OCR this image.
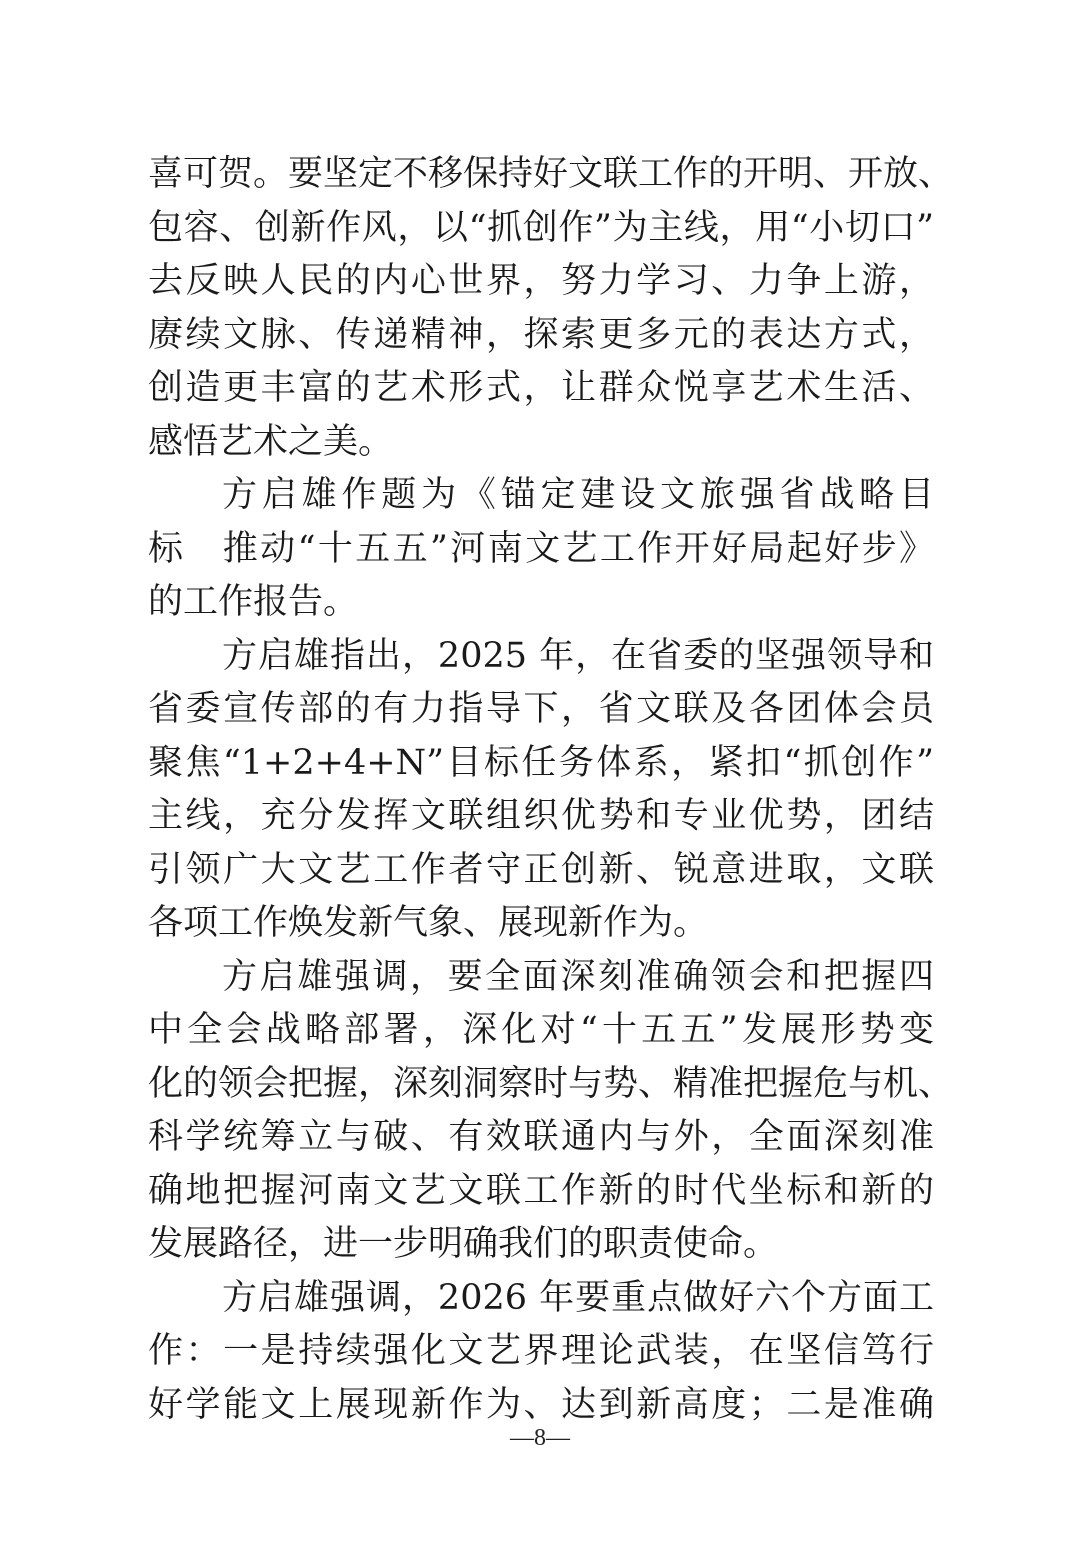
喜可贺。要坚定不移保持好文联工作的开明、开放、
包容、创新作风，以“抓创作”为主线，用“小切口”
去反映人民的内心世界，努力学习、力争上游，
赓续文脉、传递精神，探索更多元的表达方式，
创造更丰富的艺术形式，让群众悦享艺术生活、
感悟艺术之美。
方启雄作题为《锚定建设文旅强省战略目
标　推动“十五五”河南文艺工作开好局起好步》
的工作报告。
方启雄指出，2025 年，在省委的坚强领导和
省委宣传部的有力指导下，省文联及各团体会员
聚焦“1+2+4+N”目标任务体系，紧扣“抓创作”
主线，充分发挥文联组织优势和专业优势，团结
引领广大文艺工作者守正创新、锐意进取，文联
各项工作焕发新气象、展现新作为。
方启雄强调，要全面深刻准确领会和把握四
中全会战略部署，深化对“十五五”发展形势变
化的领会把握，深刻洞察时与势、精准把握危与机、
科学统筹立与破、有效联通内与外，全面深刻准
确地把握河南文艺文联工作新的时代坐标和新的
发展路径，进一步明确我们的职责使命。
方启雄强调，2026 年要重点做好六个方面工
作：一是持续强化文艺界理论武装，在坚信笃行
好学能文上展现新作为、达到新高度；二是准确
—8—
